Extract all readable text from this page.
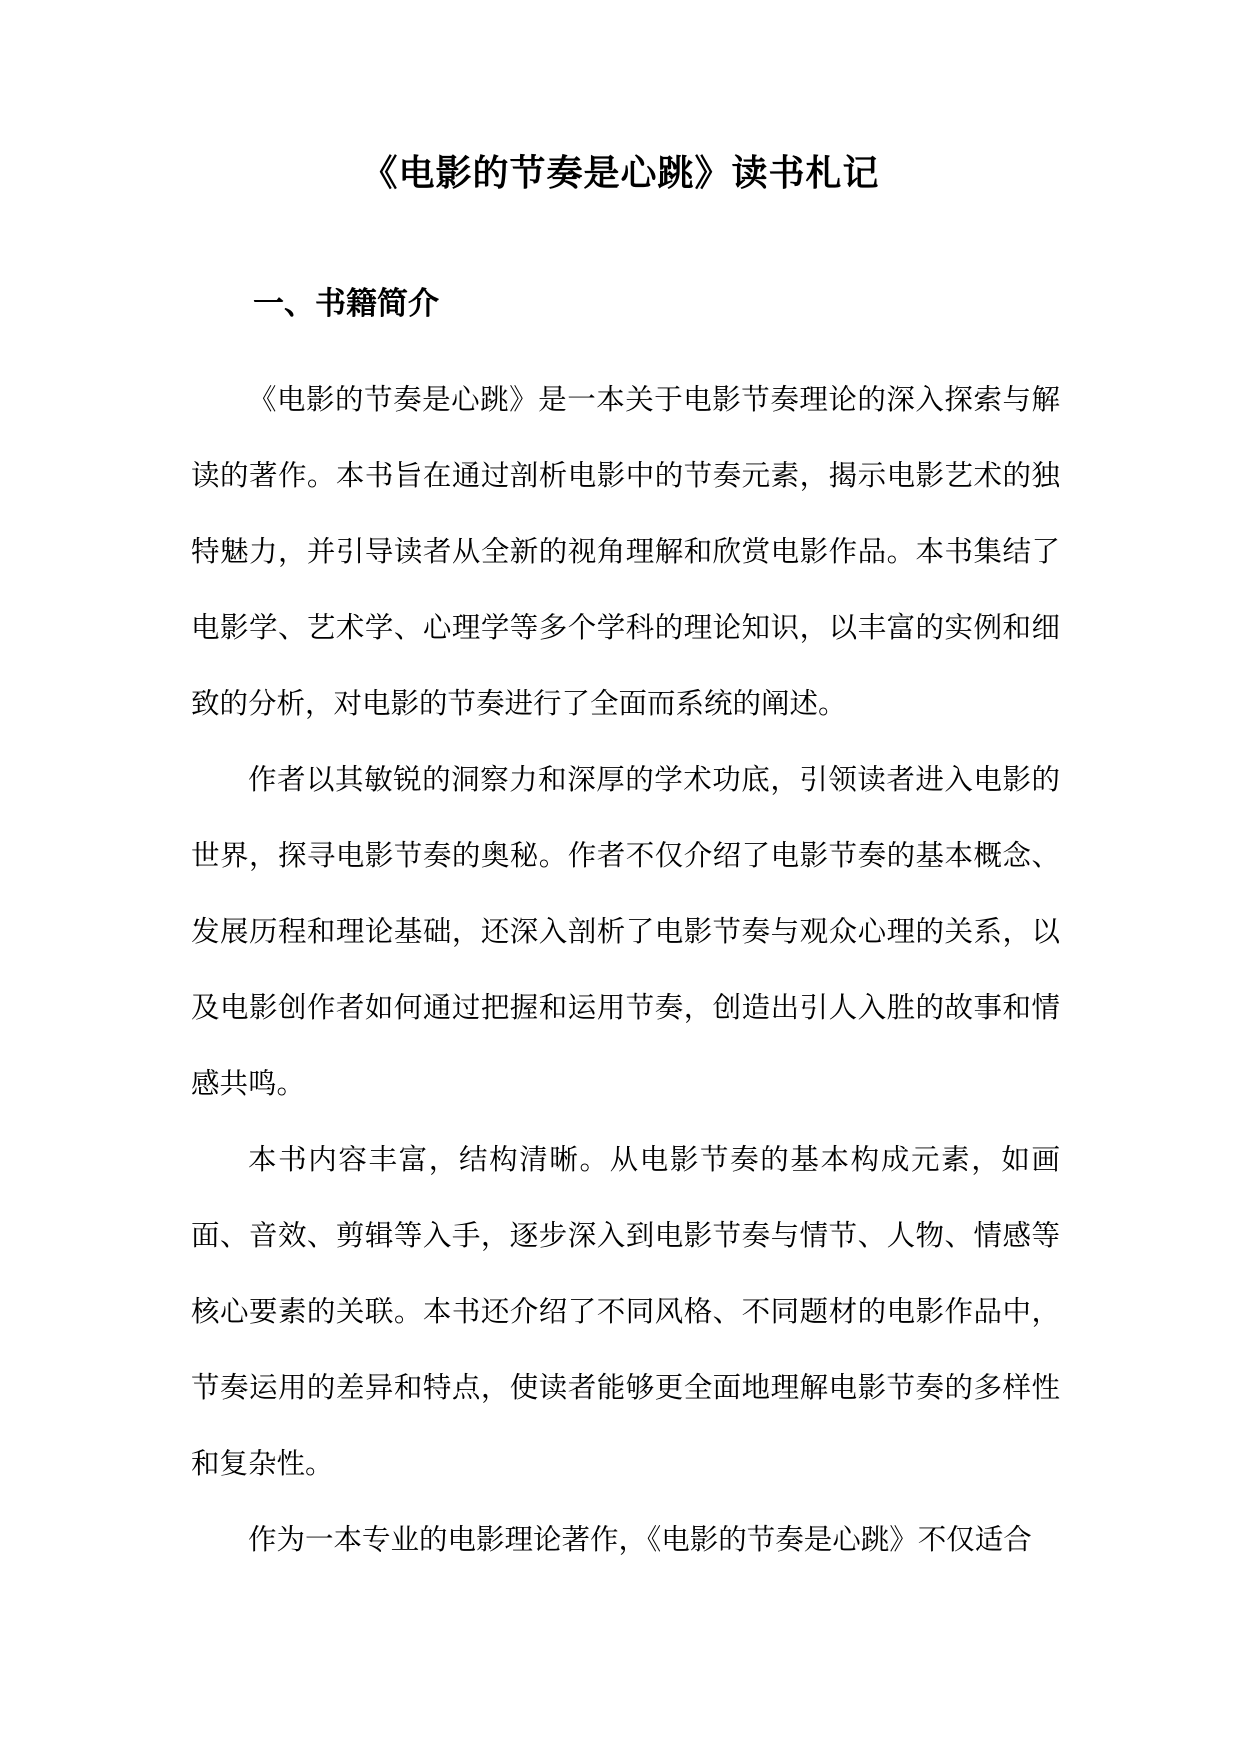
《电影的节奏是心跳》读书札记
一、书籍简介

《电影的节奏是心跳》是一本关于电影节奏理论的深入探索与解读的著作。本书旨在通过剖析电影中的节奏元素，揭示电影艺术的独特魅力，并引导读者从全新的视角理解和欣赏电影作品。本书集结了电影学、艺术学、心理学等多个学科的理论知识，以丰富的实例和细致的分析，对电影的节奏进行了全面而系统的阐述。

作者以其敏锐的洞察力和深厚的学术功底，引领读者进入电影的世界，探寻电影节奏的奥秘。作者不仅介绍了电影节奏的基本概念、发展历程和理论基础，还深入剖析了电影节奏与观众心理的关系，以及电影创作者如何通过把握和运用节奏，创造出引人入胜的故事和情感共鸣。

本书内容丰富，结构清晰。从电影节奏的基本构成元素，如画面、音效、剪辑等入手，逐步深入到电影节奏与情节、人物、情感等核心要素的关联。本书还介绍了不同风格、不同题材的电影作品中，节奏运用的差异和特点，使读者能够更全面地理解电影节奏的多样性和复杂性。

作为一本专业的电影理论著作，《电影的节奏是心跳》不仅适合
